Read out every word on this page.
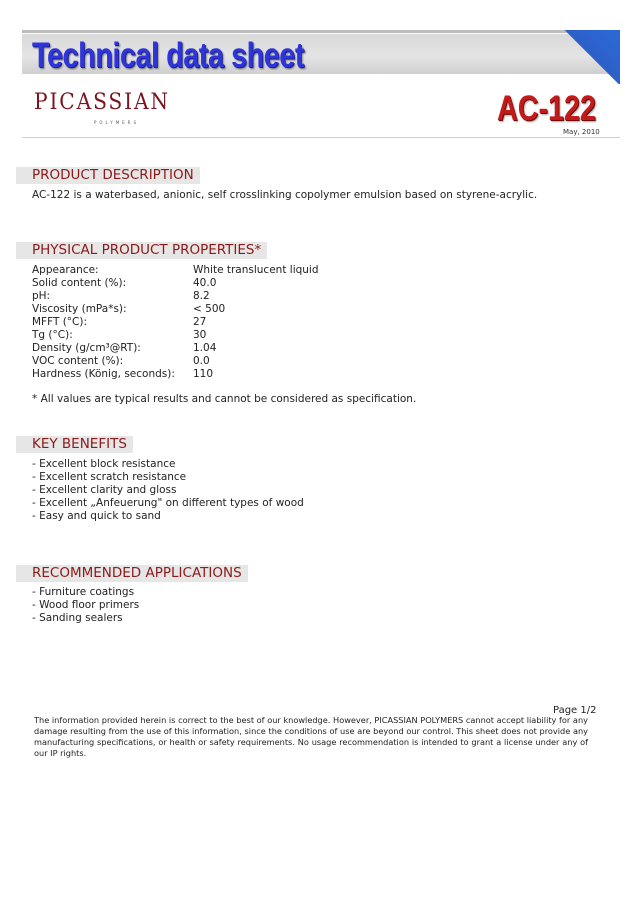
Technical data sheet
PICASSIAN
POLYMERS	AC-122
May, 2010
PRODUCT DESCRIPTION
AC-122 is a waterbased, anionic, self crosslinking copolymer emulsion based on styrene-acrylic.
PHYSICAL PRODUCT PROPERTIES*
Appearance:	White translucent liquid
Solid content (%):	40.0
pH:	8.2
Viscosity (mPa*s):	< 500
MFFT (°C):	27
Tg (°C):	30
Density (g/cm³@RT):	1.04
VOC content (%):	0.0
Hardness (König, seconds): 110
* All values are typical results and cannot be considered as specification.
KEY BENEFITS
- Excellent block resistance
- Excellent scratch resistance
- Excellent clarity and gloss
- Excellent „Anfeuerung" on different types of wood
- Easy and quick to sand
RECOMMENDED APPLICATIONS
- Furniture coatings
- Wood floor primers
- Sanding sealers
Page 1/2
The information provided herein is correct to the best of our knowledge. However, PICASSIAN POLYMERS cannot accept liability for any damage resulting from the use of this information, since the conditions of use are beyond our control. This sheet does not provide any manufacturing specifications, or health or safety requirements. No usage recommendation is intended to grant a license under any of our IP rights.
